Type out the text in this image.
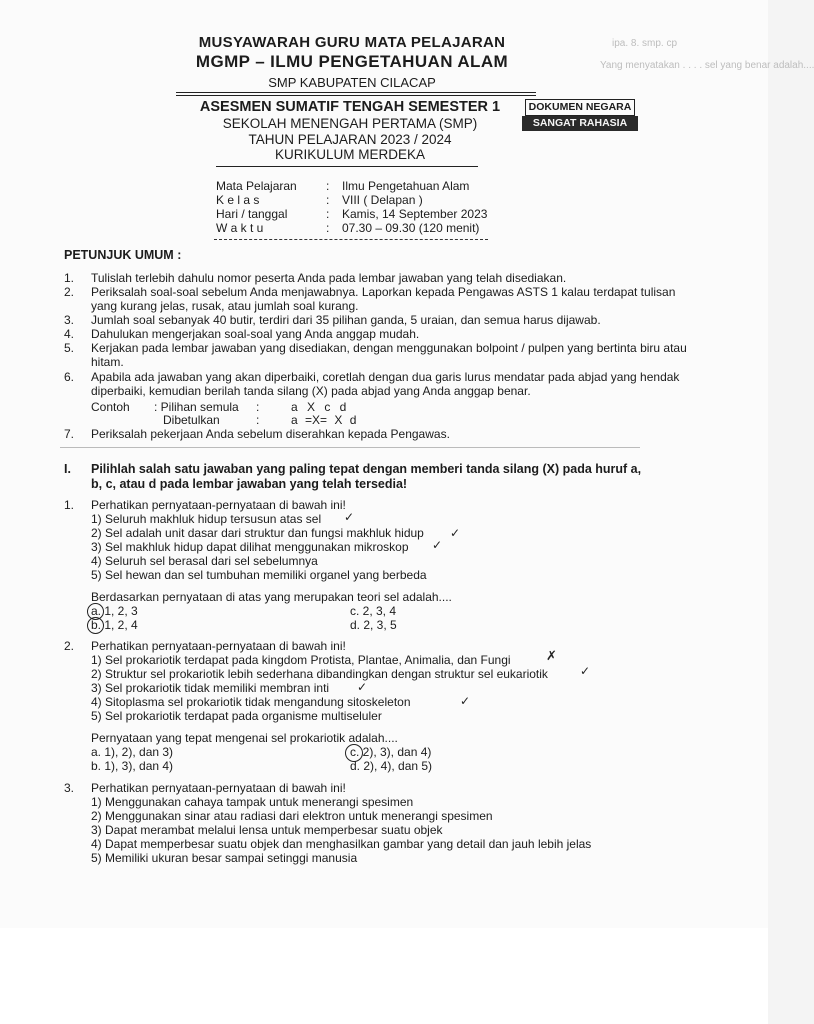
ipa. 8. smp. cp
Yang menyatakan . . . . sel yang benar adalah....
MUSYAWARAH GURU MATA PELAJARAN
MGMP – ILMU PENGETAHUAN ALAM
SMP KABUPATEN CILACAP
ASESMEN SUMATIF TENGAH SEMESTER 1
SEKOLAH MENENGAH PERTAMA (SMP)
TAHUN PELAJARAN 2023 / 2024
KURIKULUM MERDEKA
DOKUMEN NEGARA
SANGAT RAHASIA
Mata Pelajaran : Ilmu Pengetahuan Alam
K e l a s	: VIII ( Delapan )
Hari / tanggal	: Kamis, 14 September 2023
W a k t u	: 07.30 – 09.30 (120 menit)
PETUNJUK UMUM :
1. Tulislah terlebih dahulu nomor peserta Anda pada lembar jawaban yang telah disediakan.
2. Periksalah soal-soal sebelum Anda menjawabnya. Laporkan kepada Pengawas ASTS 1 kalau terdapat tulisan yang kurang jelas, rusak, atau jumlah soal kurang.
3. Jumlah soal sebanyak 40 butir, terdiri dari 35 pilihan ganda, 5 uraian, dan semua harus dijawab.
4. Dahulukan mengerjakan soal-soal yang Anda anggap mudah.
5. Kerjakan pada lembar jawaban yang disediakan, dengan menggunakan bolpoint / pulpen yang bertinta biru atau hitam.
6. Apabila ada jawaban yang akan diperbaiki, coretlah dengan dua garis lurus mendatar pada abjad yang hendak diperbaiki, kemudian berilah tanda silang (X) pada abjad yang Anda anggap benar.
Contoh : Pilihan semula :	a X c d
Dibetulkan	:	a =X= X d
7. Periksalah pekerjaan Anda sebelum diserahkan kepada Pengawas.
I. Pilihlah salah satu jawaban yang paling tepat dengan memberi tanda silang (X) pada huruf a, b, c, atau d pada lembar jawaban yang telah tersedia!
1. Perhatikan pernyataan-pernyataan di bawah ini!
1) Seluruh makhluk hidup tersusun atas sel
2) Sel adalah unit dasar dari struktur dan fungsi makhluk hidup
3) Sel makhluk hidup dapat dilihat menggunakan mikroskop
4) Seluruh sel berasal dari sel sebelumnya
5) Sel hewan dan sel tumbuhan memiliki organel yang berbeda
✓
✓
✓
Berdasarkan pernyataan di atas yang merupakan teori sel adalah....
a. 1, 2, 3	c. 2, 3, 4
b. 1, 2, 4	d. 2, 3, 5
2. Perhatikan pernyataan-pernyataan di bawah ini!
1) Sel prokariotik terdapat pada kingdom Protista, Plantae, Animalia, dan Fungi
2) Struktur sel prokariotik lebih sederhana dibandingkan dengan struktur sel eukariotik
3) Sel prokariotik tidak memiliki membran inti
4) Sitoplasma sel prokariotik tidak mengandung sitoskeleton
5) Sel prokariotik terdapat pada organisme multiseluler
✗
✓
✓
✓
Pernyataan yang tepat mengenai sel prokariotik adalah....
a. 1), 2), dan 3)	c. 2), 3), dan 4)
b. 1), 3), dan 4)	d. 2), 4), dan 5)
3. Perhatikan pernyataan-pernyataan di bawah ini!
1) Menggunakan cahaya tampak untuk menerangi spesimen
2) Menggunakan sinar atau radiasi dari elektron untuk menerangi spesimen
3) Dapat merambat melalui lensa untuk memperbesar suatu objek
4) Dapat memperbesar suatu objek dan menghasilkan gambar yang detail dan jauh lebih jelas
5) Memiliki ukuran besar sampai setinggi manusia
